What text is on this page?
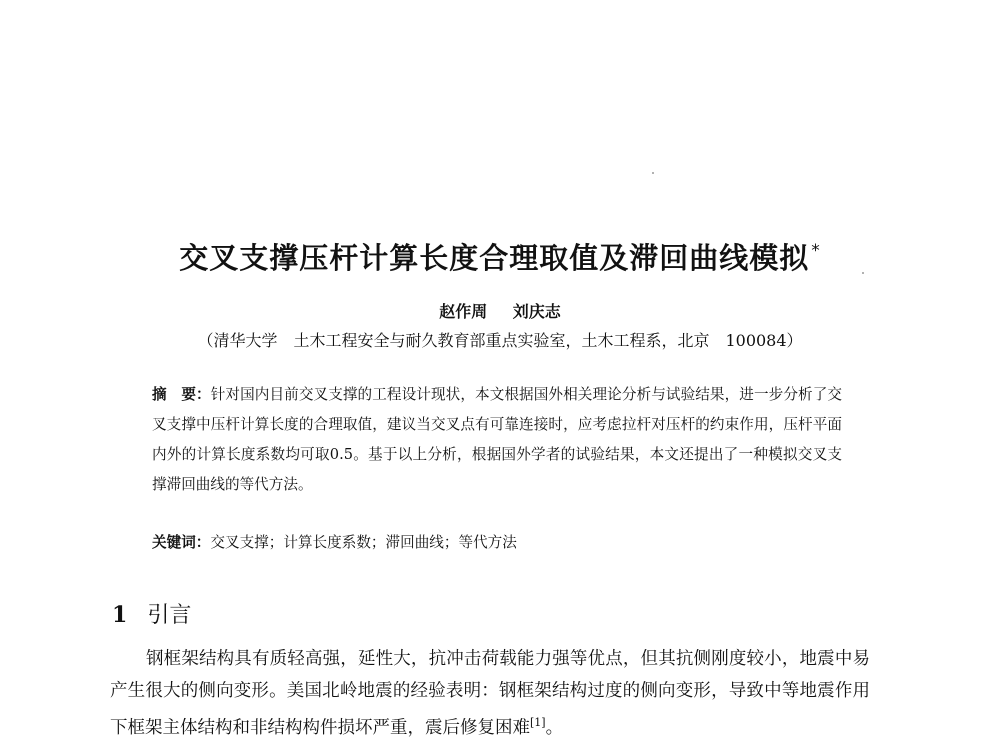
交叉支撑压杆计算长度合理取值及滞回曲线模拟 *
赵作周 刘庆志
（清华大学　土木工程安全与耐久教育部重点实验室，土木工程系，北京　100084）
摘　要：针对国内目前交叉支撑的工程设计现状，本文根据国外相关理论分析与试验结果，进一步分析了交叉支撑中压杆计算长度的合理取值，建议当交叉点有可靠连接时，应考虑拉杆对压杆的约束作用，压杆平面内外的计算长度系数均可取0.5。基于以上分析，根据国外学者的试验结果，本文还提出了一种模拟交叉支撑滞回曲线的等代方法。
关键词：交叉支撑；计算长度系数；滞回曲线；等代方法
1 引言
钢框架结构具有质轻高强，延性大，抗冲击荷载能力强等优点，但其抗侧刚度较小，地震中易产生很大的侧向变形。美国北岭地震的经验表明：钢框架结构过度的侧向变形，导致中等地震作用下框架主体结构和非结构构件损坏严重，震后修复困难[1]。
